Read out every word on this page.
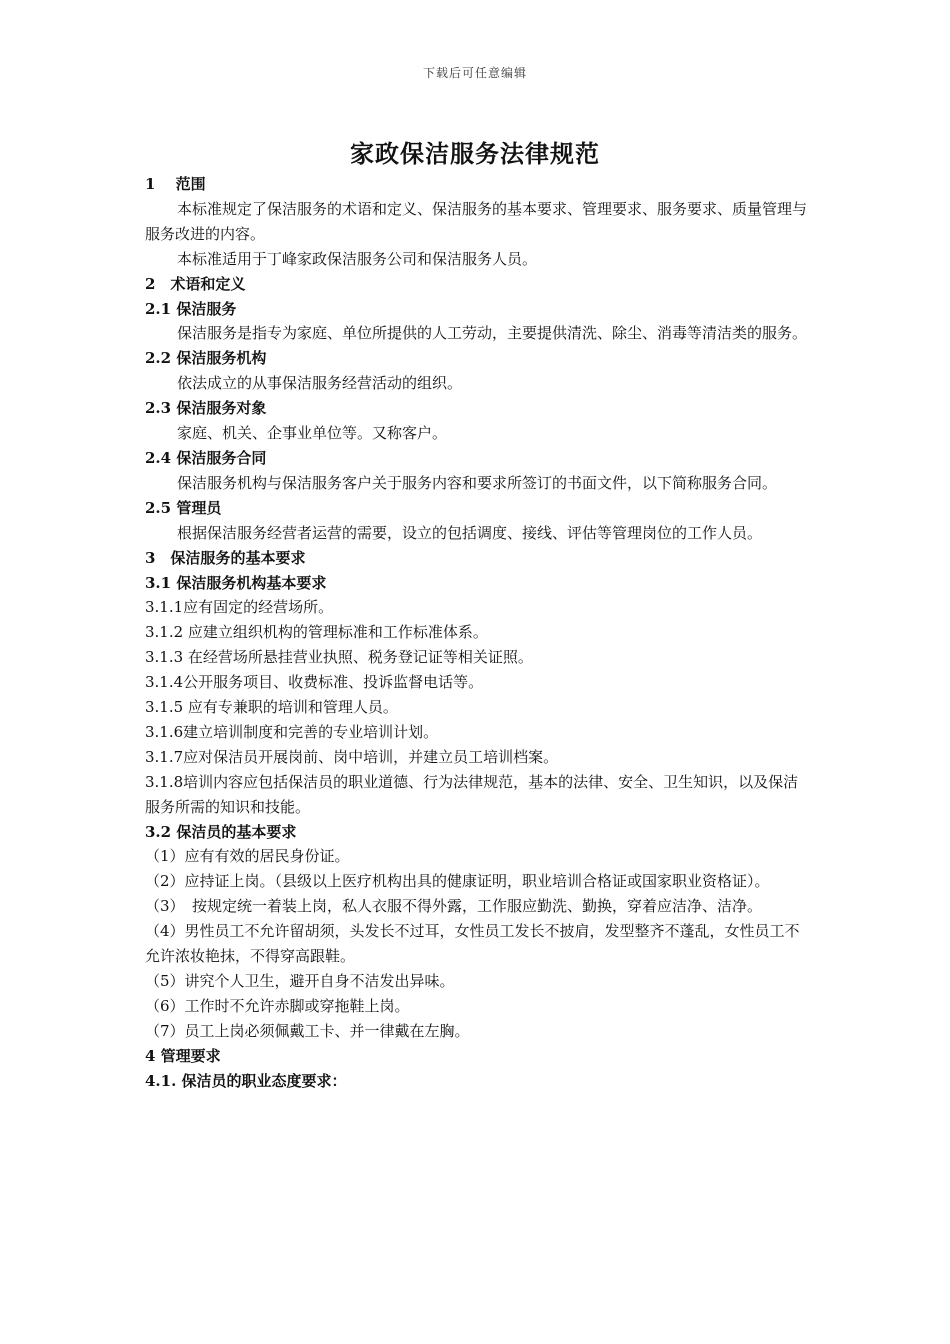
下载后可任意编辑
家政保洁服务法律规范
1　 范围
本标准规定了保洁服务的术语和定义、保洁服务的基本要求、管理要求、服务要求、质量管理与服务改进的内容。
本标准适用于丁峰家政保洁服务公司和保洁服务人员。
2　术语和定义
2.1 保洁服务
保洁服务是指专为家庭、单位所提供的人工劳动，主要提供清洗、除尘、消毒等清洁类的服务。
2.2 保洁服务机构
依法成立的从事保洁服务经营活动的组织。
2.3 保洁服务对象
家庭、机关、企事业单位等。又称客户。
2.4 保洁服务合同
保洁服务机构与保洁服务客户关于服务内容和要求所签订的书面文件，以下简称服务合同。
2.5 管理员
根据保洁服务经营者运营的需要，设立的包括调度、接线、评估等管理岗位的工作人员。
3　保洁服务的基本要求
3.1 保洁服务机构基本要求
3.1.1应有固定的经营场所。
3.1.2 应建立组织机构的管理标准和工作标准体系。
3.1.3 在经营场所悬挂营业执照、税务登记证等相关证照。
3.1.4公开服务项目、收费标准、投诉监督电话等。
3.1.5 应有专兼职的培训和管理人员。
3.1.6建立培训制度和完善的专业培训计划。
3.1.7应对保洁员开展岗前、岗中培训，并建立员工培训档案。
3.1.8培训内容应包括保洁员的职业道德、行为法律规范，基本的法律、安全、卫生知识，以及保洁服务所需的知识和技能。
3.2 保洁员的基本要求
（1）应有有效的居民身份证。
（2）应持证上岗。（县级以上医疗机构出具的健康证明，职业培训合格证或国家职业资格证）。
（3）　按规定统一着装上岗，私人衣服不得外露，工作服应勤洗、勤换，穿着应洁净、洁净。
（4）男性员工不允许留胡须，头发长不过耳，女性员工发长不披肩，发型整齐不蓬乱，女性员工不允许浓妆艳抹，不得穿高跟鞋。
（5）讲究个人卫生，避开自身不洁发出异味。
（6）工作时不允许赤脚或穿拖鞋上岗。
（7）员工上岗必须佩戴工卡、并一律戴在左胸。
4 管理要求
4.1. 保洁员的职业态度要求：
